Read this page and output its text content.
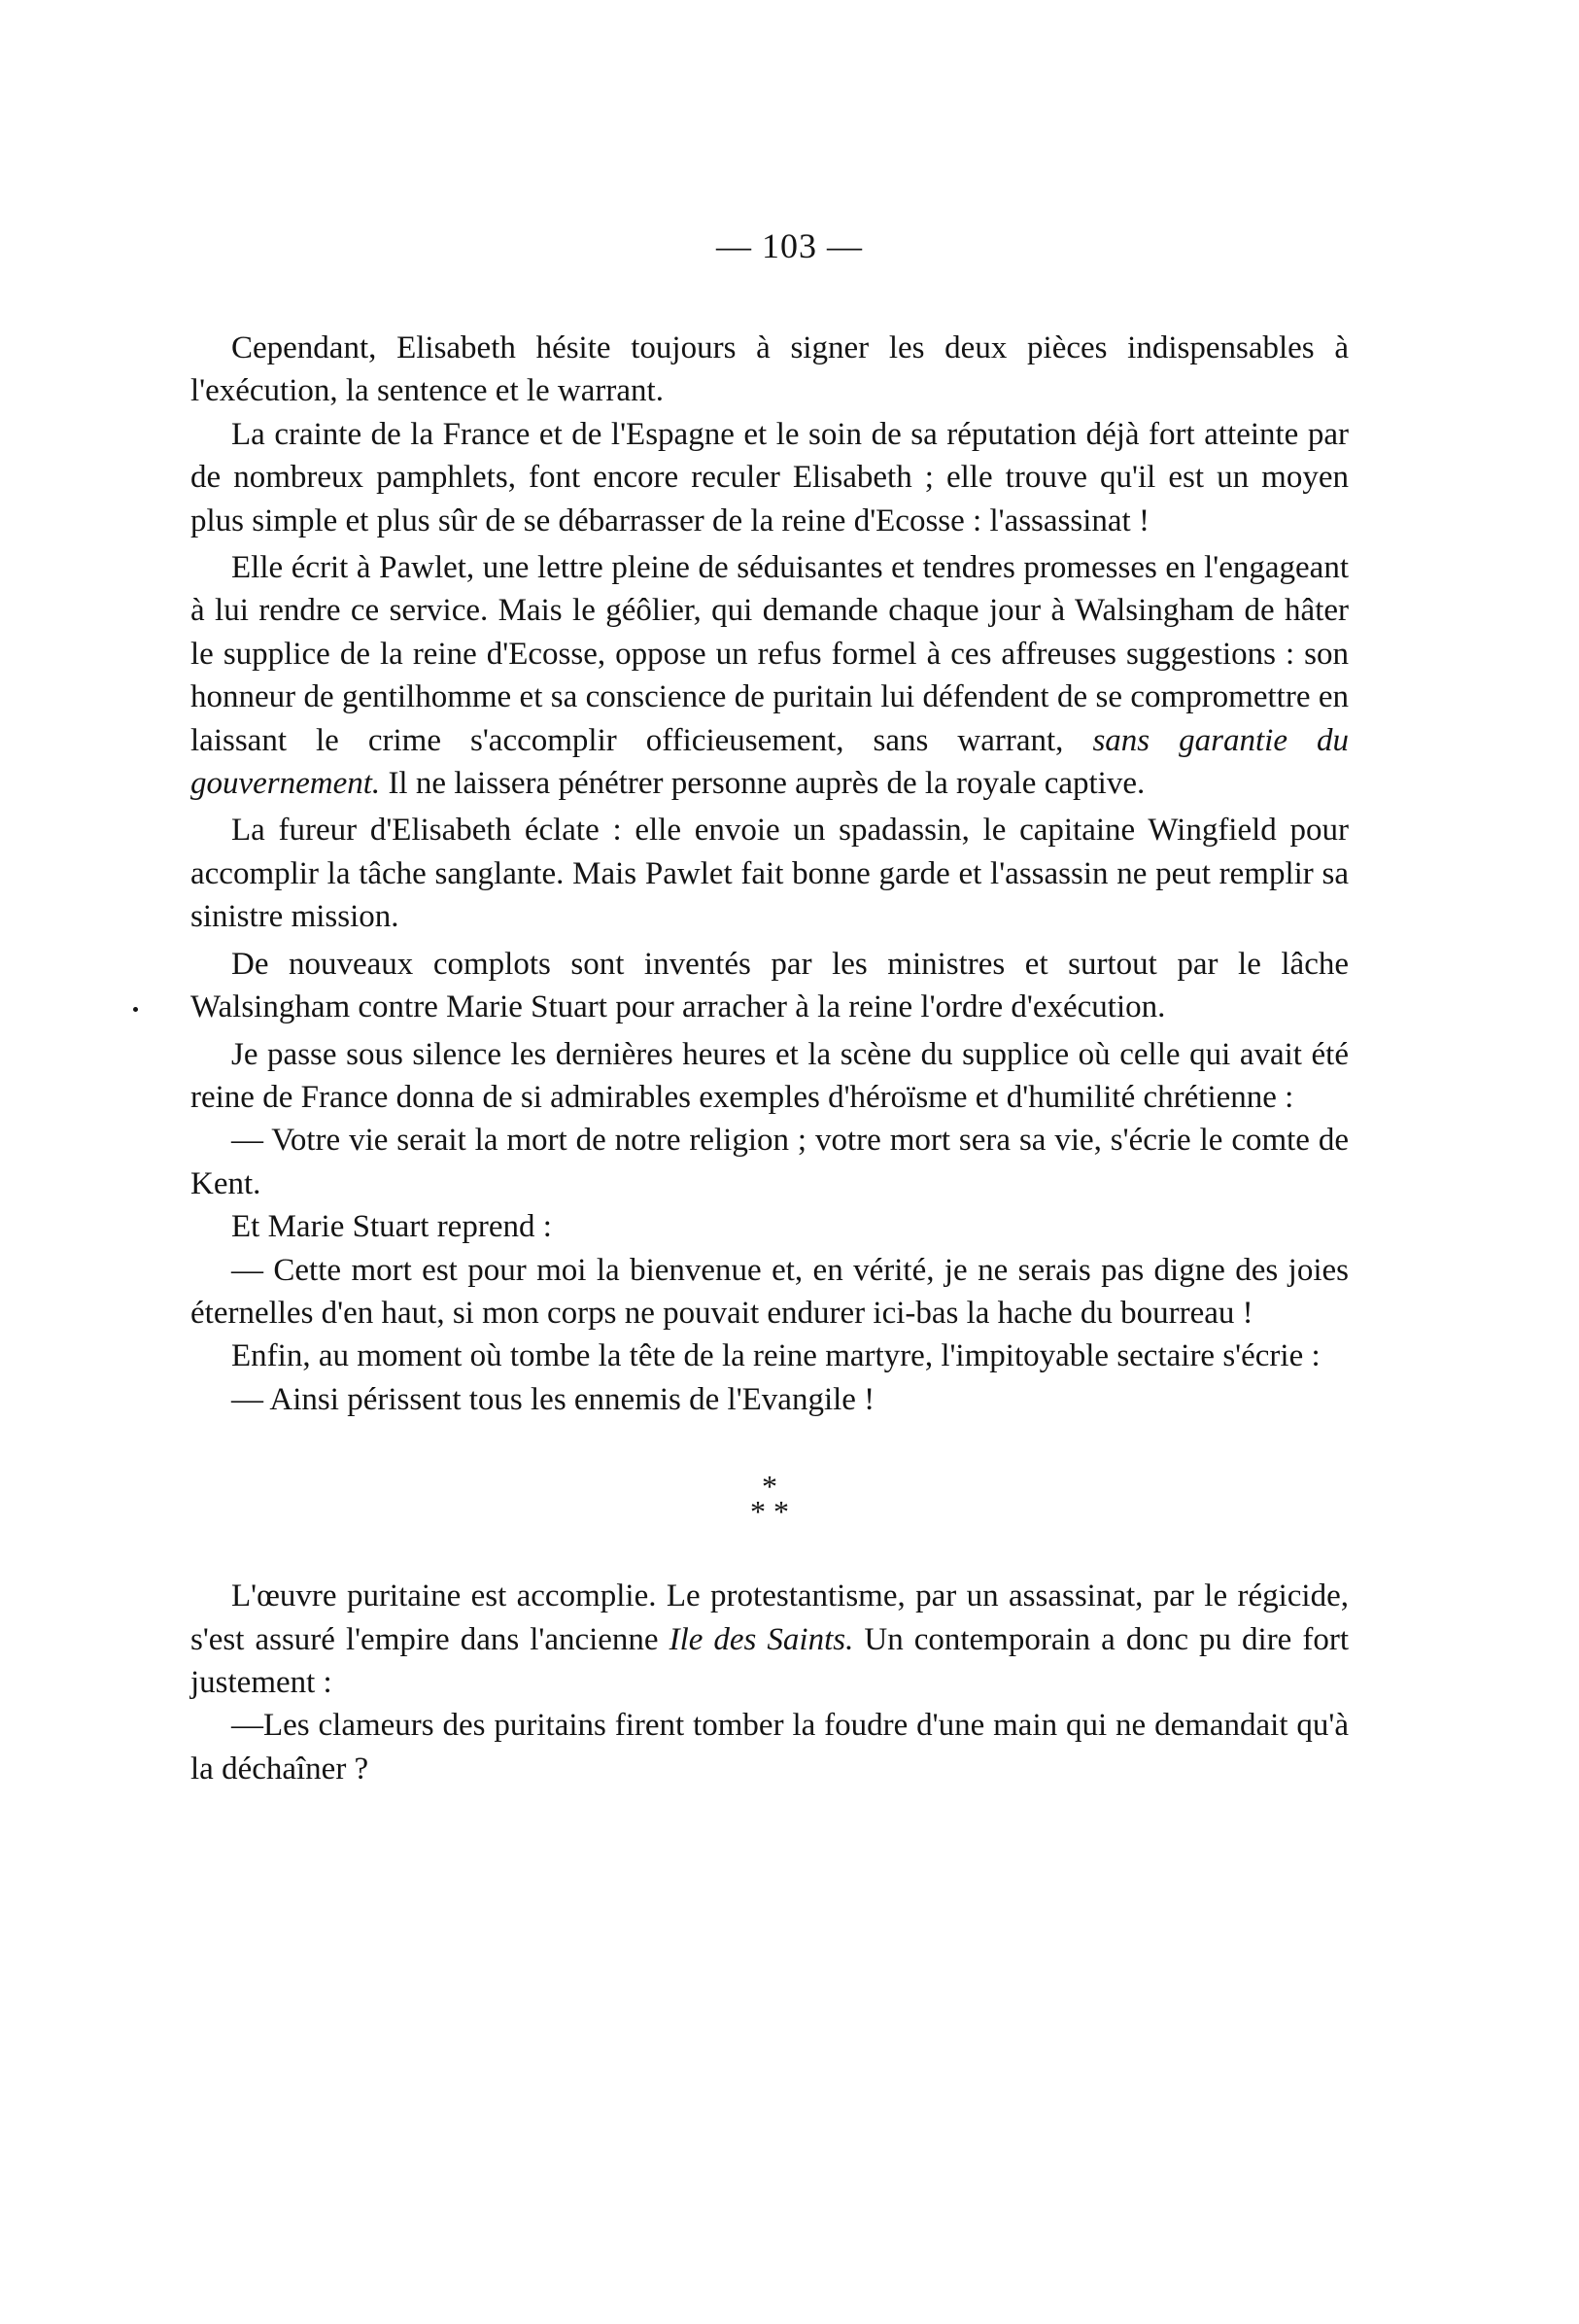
— 103 —

Cependant, Elisabeth hésite toujours à signer les deux pièces indispensables à l'exécution, la sentence et le warrant.

La crainte de la France et de l'Espagne et le soin de sa réputation déjà fort atteinte par de nombreux pamphlets, font encore reculer Elisabeth ; elle trouve qu'il est un moyen plus simple et plus sûr de se débarrasser de la reine d'Ecosse : l'assassinat !

Elle écrit à Pawlet, une lettre pleine de séduisantes et tendres promesses en l'engageant à lui rendre ce service. Mais le géôlier, qui demande chaque jour à Walsingham de hâter le supplice de la reine d'Ecosse, oppose un refus formel à ces affreuses suggestions : son honneur de gentilhomme et sa conscience de puritain lui défendent de se compromettre en laissant le crime s'accomplir officieusement, sans warrant, sans garantie du gouvernement. Il ne laissera pénétrer personne auprès de la royale captive.

La fureur d'Elisabeth éclate : elle envoie un spadassin, le capitaine Wingfield pour accomplir la tâche sanglante. Mais Pawlet fait bonne garde et l'assassin ne peut remplir sa sinistre mission.

De nouveaux complots sont inventés par les ministres et surtout par le lâche Walsingham contre Marie Stuart pour arracher à la reine l'ordre d'exécution.

Je passe sous silence les dernières heures et la scène du supplice où celle qui avait été reine de France donna de si admirables exemples d'héroïsme et d'humilité chrétienne :

— Votre vie serait la mort de notre religion ; votre mort sera sa vie, s'écrie le comte de Kent.

Et Marie Stuart reprend :

— Cette mort est pour moi la bienvenue et, en vérité, je ne serais pas digne des joies éternelles d'en haut, si mon corps ne pouvait endurer ici-bas la hache du bourreau !

Enfin, au moment où tombe la tête de la reine martyre, l'impitoyable sectaire s'écrie :

— Ainsi périssent tous les ennemis de l'Evangile !

*
* *

L'œuvre puritaine est accomplie. Le protestantisme, par un assassinat, par le régicide, s'est assuré l'empire dans l'ancienne Ile des Saints. Un contemporain a donc pu dire fort justement :

—Les clameurs des puritains firent tomber la foudre d'une main qui ne demandait qu'à la déchaîner ?
